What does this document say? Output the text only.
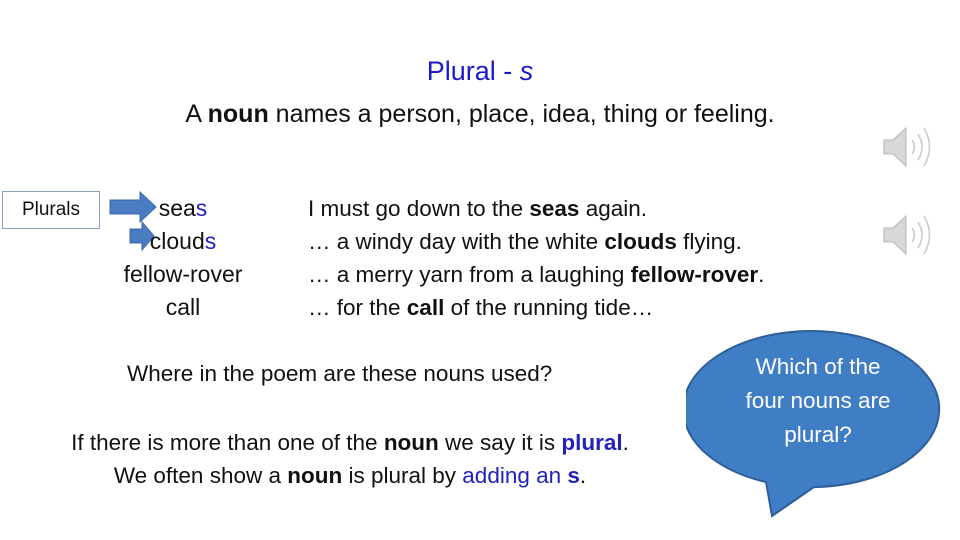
Plural - s
A noun names a person, place, idea, thing or feeling.
Plurals	seas
clouds
fellow-rover
call
I must go down to the seas again.
… a windy day with the white clouds flying.
… a merry yarn from a laughing fellow-rover.
… for the call of the running tide…
Where in the poem are these nouns used?
If there is more than one of the noun we say it is plural.
We often show a noun is plural by adding an s.
Which of the
four nouns are
plural?
